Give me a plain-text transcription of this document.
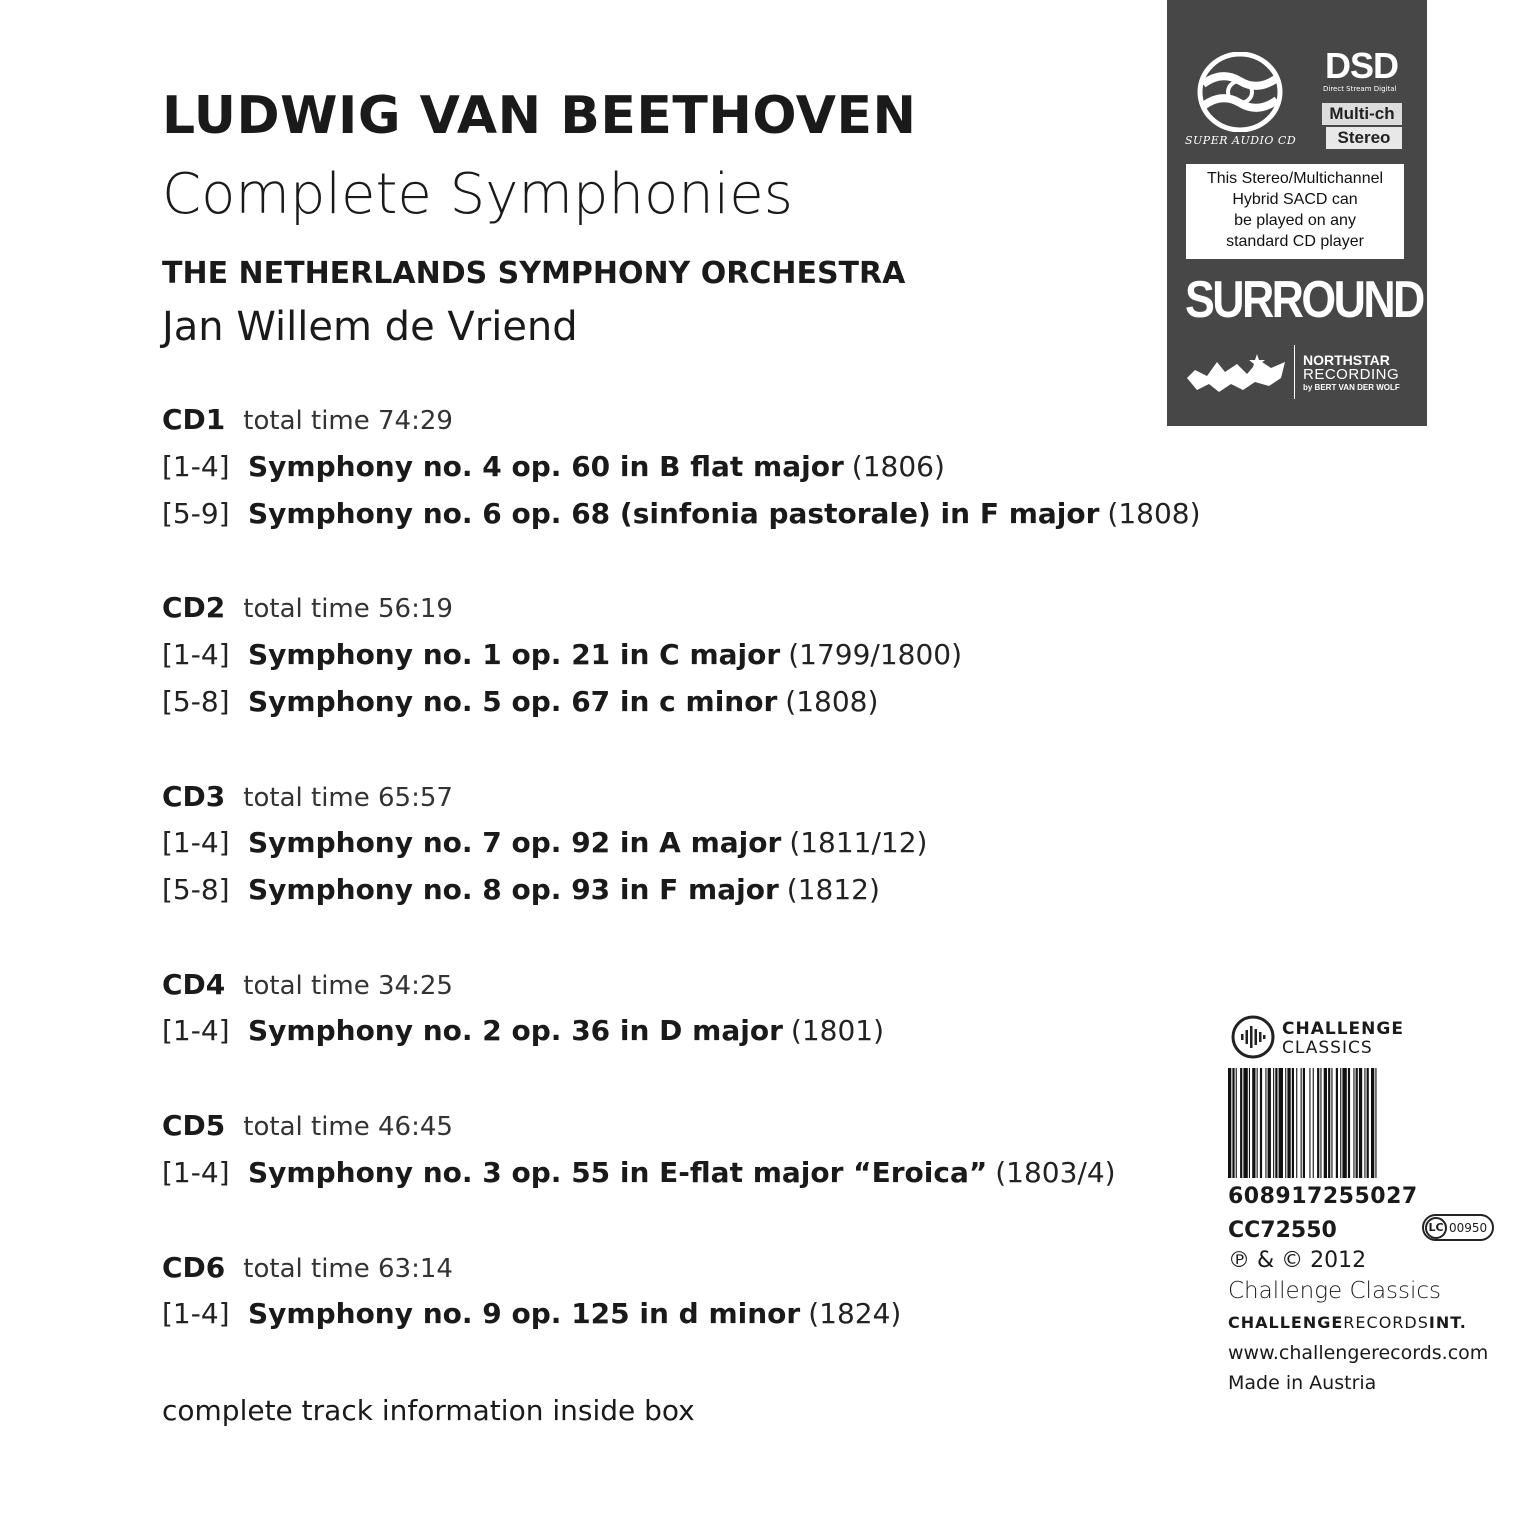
LUDWIG VAN BEETHOVEN
Complete Symphonies
THE NETHERLANDS SYMPHONY ORCHESTRA
Jan Willem de Vriend
CD1 total time 74:29
[1-4] Symphony no. 4 op. 60 in B flat major (1806)
[5-9] Symphony no. 6 op. 68 (sinfonia pastorale) in F major (1808)
CD2 total time 56:19
[1-4] Symphony no. 1 op. 21 in C major (1799/1800)
[5-8] Symphony no. 5 op. 67 in c minor (1808)
CD3 total time 65:57
[1-4] Symphony no. 7 op. 92 in A major (1811/12)
[5-8] Symphony no. 8 op. 93 in F major (1812)
CD4 total time 34:25
[1-4] Symphony no. 2 op. 36 in D major (1801)
CD5 total time 46:45
[1-4] Symphony no. 3 op. 55 in E-flat major “Eroica” (1803/4)
CD6 total time 63:14
[1-4] Symphony no. 9 op. 125 in d minor (1824)
complete track information inside box
SUPER AUDIO CD
DSD
Direct Stream Digital
Multi-ch
Stereo
This Stereo/Multichannel
Hybrid SACD can
be played on any
standard CD player
SURROUND
NORTHSTAR
RECORDING
by BERT VAN DER WOLF
CHALLENGE
CLASSICS
608917255027
CC72550	LC 00950
℗ & © 2012
Challenge Classics
CHALLENGERECORDSINT.
www.challengerecords.com
Made in Austria
